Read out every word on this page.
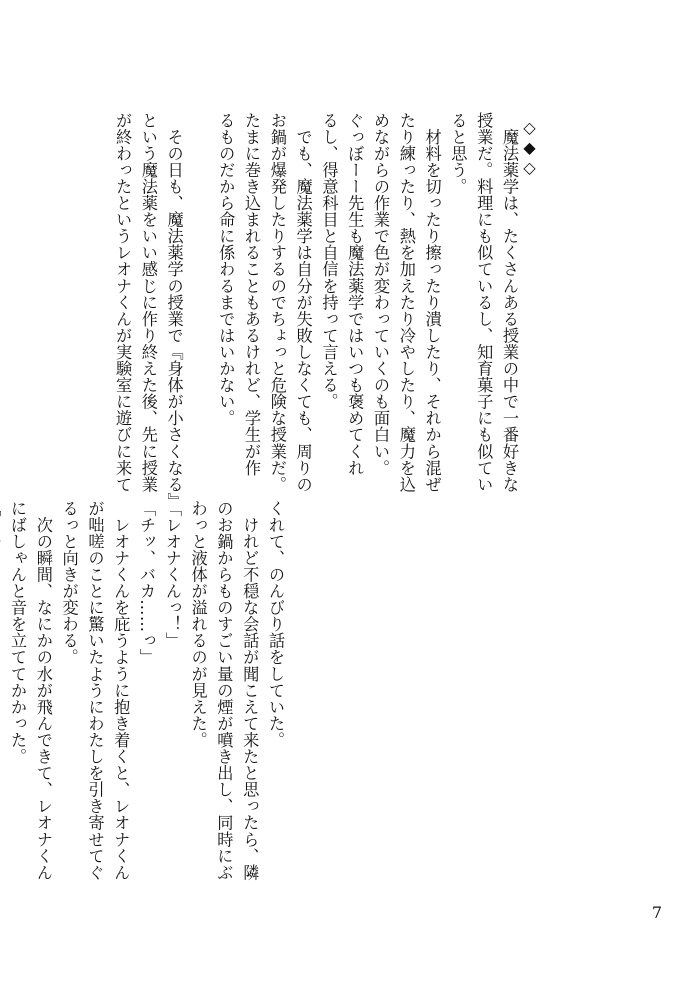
◇◆◇

　魔法薬学は、たくさんある授業の中で一番好きな

授業だ。料理にも似ているし、知育菓子にも似てい

ると思う。

　材料を切ったり擦ったり潰したり、それから混ぜ

たり練ったり、熱を加えたり冷やしたり、魔力を込

めながらの作業で色が変わっていくのも面白い。

ぐっぼーー先生も魔法薬学ではいつも褒めてくれ

るし、得意科目と自信を持って言える。

　でも、魔法薬学は自分が失敗しなくても、周りの

お鍋が爆発したりするのでちょっと危険な授業だ。

たまに巻き込まれることもあるけれど、学生が作

るものだから命に係わるまではいかない。

　その日も、魔法薬学の授業で『身体が小さくなる』

という魔法薬をいい感じに作り終えた後、先に授業

が終わったというレオナくんが実験室に遊びに来て

くれて、のんびり話をしていた。

　けれど不穏な会話が聞こえて来たと思ったら、隣

のお鍋からものすごい量の煙が噴き出し、同時にぶ

わっと液体が溢れるのが見えた。

「レオナくんっ！」

「チッ、バカ……っ」

　レオナくんを庇うように抱き着くと、レオナくん

が咄嗟のことに驚いたようにわたしを引き寄せてぐ

るっと向きが変わる。

　次の瞬間、なにかの水が飛んできて、レオナくん

にばしゃんと音を立ててかかった。

7
